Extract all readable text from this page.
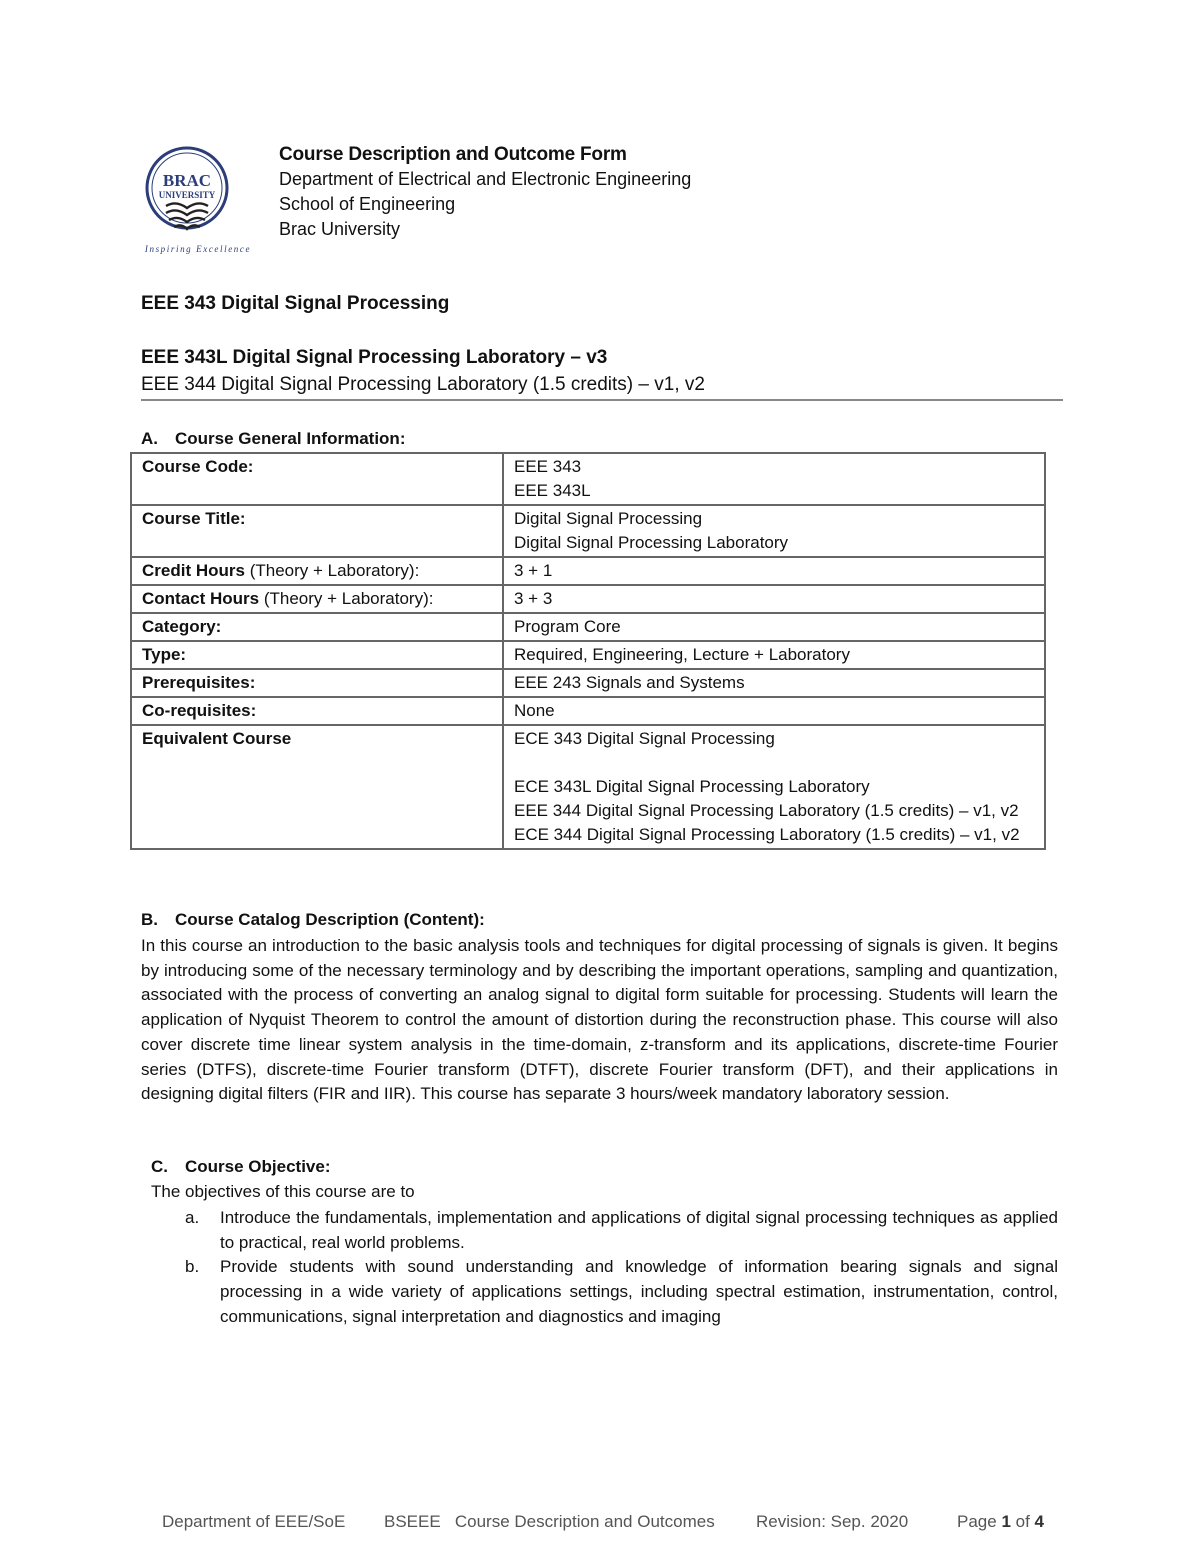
BRAC
UNIVERSITY
Inspiring Excellence
Course Description and Outcome Form
Department of Electrical and Electronic Engineering
School of Engineering
Brac University
EEE 343 Digital Signal Processing
EEE 343L Digital Signal Processing Laboratory – v3
EEE 344 Digital Signal Processing Laboratory (1.5 credits) – v1, v2
A. Course General Information:
Course Code:	EEE 343
EEE 343L

Course Title:	Digital Signal Processing
Digital Signal Processing Laboratory

Credit Hours (Theory + Laboratory):	3 + 1

Contact Hours (Theory + Laboratory):	3 + 3

Category:	Program Core

Type:	Required, Engineering, Lecture + Laboratory

Prerequisites:	EEE 243 Signals and Systems

Co-requisites:	None

Equivalent Course	ECE 343 Digital Signal Processing

ECE 343L Digital Signal Processing Laboratory
EEE 344 Digital Signal Processing Laboratory (1.5 credits) – v1, v2
ECE 344 Digital Signal Processing Laboratory (1.5 credits) – v1, v2
B. Course Catalog Description (Content):
In this course an introduction to the basic analysis tools and techniques for digital processing of signals is given. It begins by introducing some of the necessary terminology and by describing the important operations, sampling and quantization, associated with the process of converting an analog signal to digital form suitable for processing. Students will learn the application of Nyquist Theorem to control the amount of distortion during the reconstruction phase. This course will also cover discrete time linear system analysis in the time-domain, z-transform and its applications, discrete-time Fourier series (DTFS), discrete-time Fourier transform (DTFT), discrete Fourier transform (DFT), and their applications in designing digital filters (FIR and IIR). This course has separate 3 hours/week mandatory laboratory session.
C. Course Objective:
The objectives of this course are to
a. Introduce the fundamentals, implementation and applications of digital signal processing techniques as applied to practical, real world problems.
b. Provide students with sound understanding and knowledge of information bearing signals and signal processing in a wide variety of applications settings, including spectral estimation, instrumentation, control, communications, signal interpretation and diagnostics and imaging
Department of EEE/SoE BSEEE   Course Description and Outcomes Revision: Sep. 2020	Page 1 of 4
